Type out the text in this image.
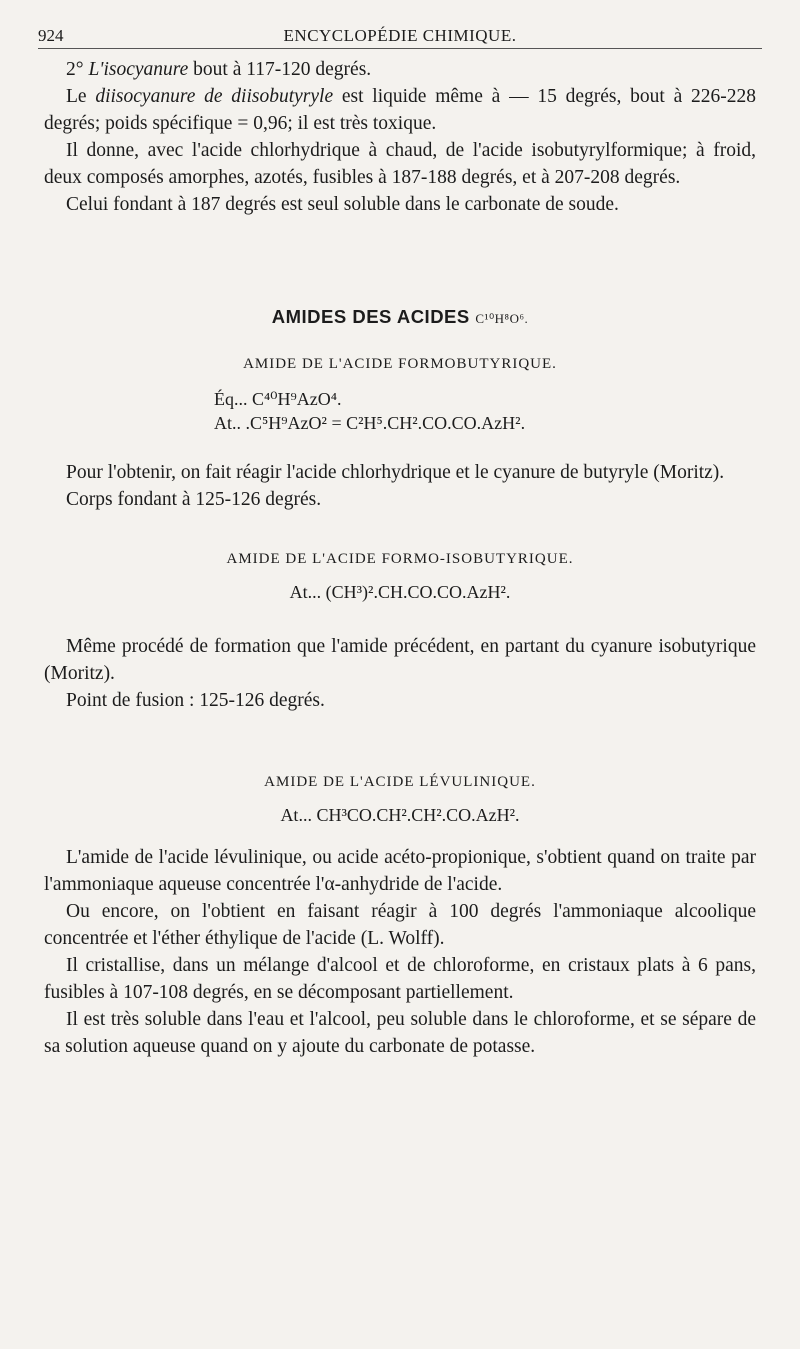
924	ENCYCLOPÉDIE CHIMIQUE.

2° L'isocyanure bout à 117-120 degrés.

Le diisocyanure de diisobutyryle est liquide même à — 15 degrés, bout à 226-228 degrés; poids spécifique = 0,96; il est très toxique.

Il donne, avec l'acide chlorhydrique à chaud, de l'acide isobutyrylformique; à froid, deux composés amorphes, azotés, fusibles à 187-188 degrés, et à 207-208 degrés.

Celui fondant à 187 degrés est seul soluble dans le carbonate de soude.

AMIDES DES ACIDES C¹⁰H⁸O⁶.
AMIDE DE L'ACIDE FORMOBUTYRIQUE.
Éq... C⁴⁰H⁹AzO⁴.
At.. .C⁵H⁹AzO² = C²H⁵.CH².CO.CO.AzH².

Pour l'obtenir, on fait réagir l'acide chlorhydrique et le cyanure de butyryle (Moritz).

Corps fondant à 125-126 degrés.

AMIDE DE L'ACIDE FORMO-ISOBUTYRIQUE.
At... (CH³)².CH.CO.CO.AzH².

Même procédé de formation que l'amide précédent, en partant du cyanure isobutyrique (Moritz).

Point de fusion : 125-126 degrés.

AMIDE DE L'ACIDE LÉVULINIQUE.
At... CH³CO.CH².CH².CO.AzH².

L'amide de l'acide lévulinique, ou acide acéto-propionique, s'obtient quand on traite par l'ammoniaque aqueuse concentrée l'α-anhydride de l'acide.

Ou encore, on l'obtient en faisant réagir à 100 degrés l'ammoniaque alcoolique concentrée et l'éther éthylique de l'acide (L. Wolff).

Il cristallise, dans un mélange d'alcool et de chloroforme, en cristaux plats à 6 pans, fusibles à 107-108 degrés, en se décomposant partiellement.

Il est très soluble dans l'eau et l'alcool, peu soluble dans le chloroforme, et se sépare de sa solution aqueuse quand on y ajoute du carbonate de potasse.
